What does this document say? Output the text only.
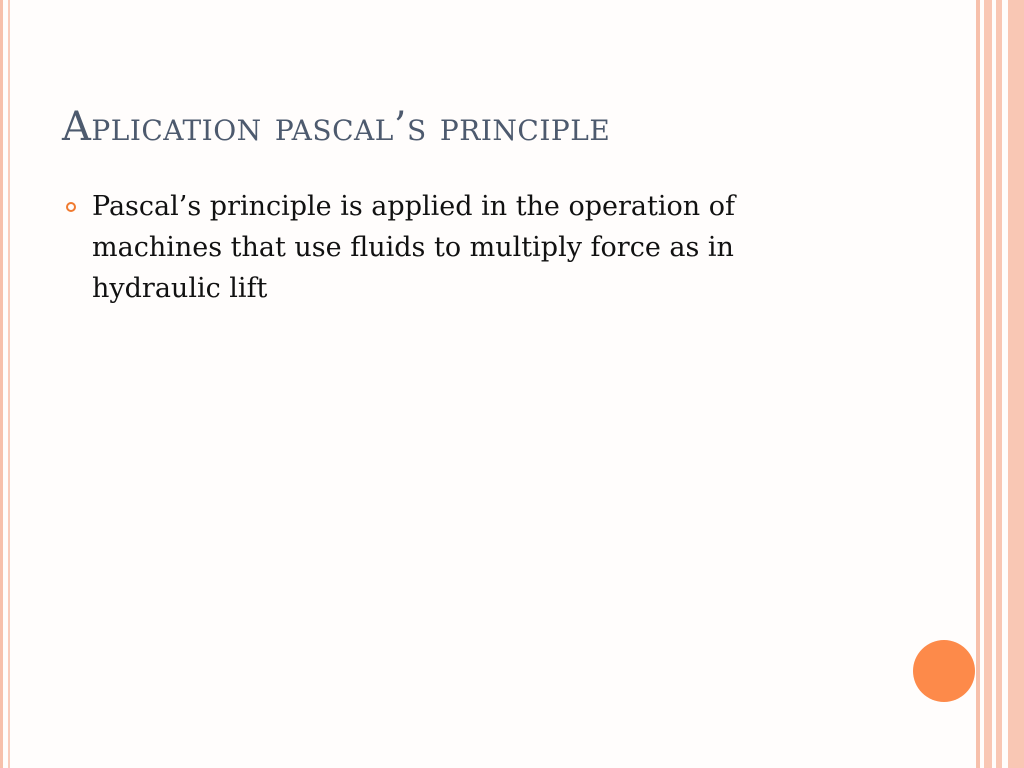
Aplication pascal’s principle
Pascal’s principle is applied in the operation of machines that use fluids to multiply force as in hydraulic lift
